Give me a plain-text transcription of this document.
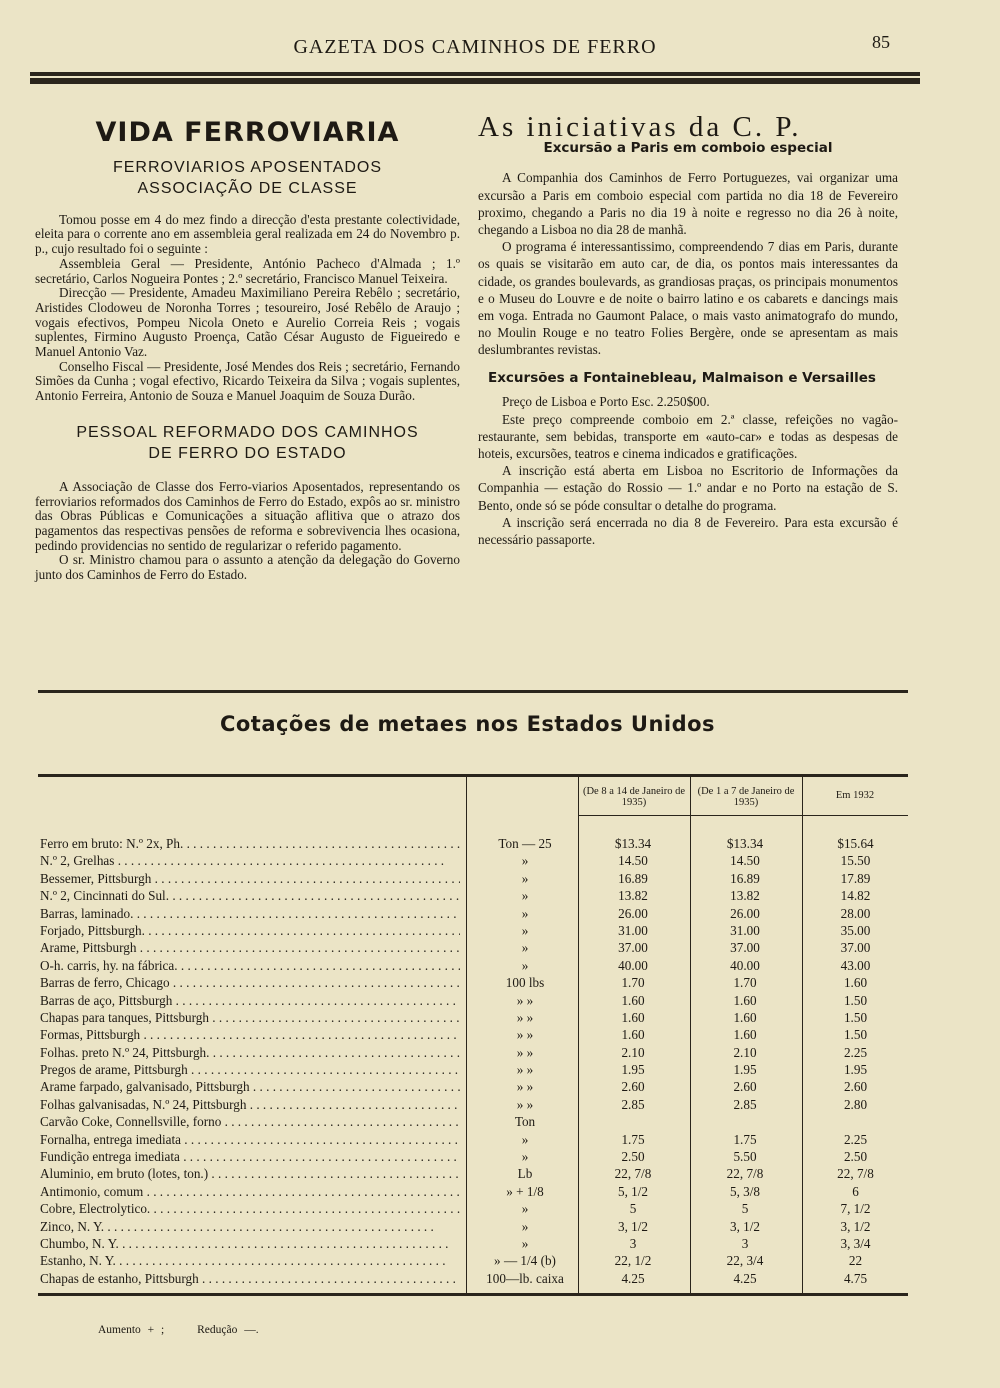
GAZETA DOS CAMINHOS DE FERRO	85
VIDA FERROVIARIA
FERROVIARIOS APOSENTADOS
ASSOCIAÇÃO DE CLASSE

Tomou posse em 4 do mez findo a direcção d'esta prestante colectividade, eleita para o corrente ano em assembleia geral realizada em 24 do Novembro p. p., cujo resultado foi o seguinte :

Assembleia Geral — Presidente, António Pacheco d'Almada ; 1.º secretário, Carlos Nogueira Pontes ; 2.º secretário, Francisco Manuel Teixeira.

Direcção — Presidente, Amadeu Maximiliano Pereira Rebêlo ; secretário, Aristides Clodoweu de Noronha Torres ; tesoureiro, José Rebêlo de Araujo ; vogais efectivos, Pompeu Nicola Oneto e Aurelio Correia Reis ; vogais suplentes, Firmino Augusto Proença, Catão César Augusto de Figueiredo e Manuel Antonio Vaz.

Conselho Fiscal — Presidente, José Mendes dos Reis ; secretário, Fernando Simões da Cunha ; vogal efectivo, Ricardo Teixeira da Silva ; vogais suplentes, Antonio Ferreira, Antonio de Souza e Manuel Joaquim de Souza Durão.

PESSOAL REFORMADO DOS CAMINHOS
DE FERRO DO ESTADO

A Associação de Classe dos Ferro-viarios Aposentados, representando os ferroviarios reformados dos Caminhos de Ferro do Estado, expôs ao sr. ministro das Obras Públicas e Comunicações a situação aflitiva que o atrazo dos pagamentos das respectivas pensões de reforma e sobrevivencia lhes ocasiona, pedindo providencias no sentido de regularizar o referido pagamento.

O sr. Ministro chamou para o assunto a atenção da delegação do Governo junto dos Caminhos de Ferro do Estado.

As iniciativas da C. P.
Excursão a Paris em comboio especial

A Companhia dos Caminhos de Ferro Portuguezes, vai organizar uma excursão a Paris em comboio especial com partida no dia 18 de Fevereiro proximo, chegando a Paris no dia 19 à noite e regresso no dia 26 à noite, chegando a Lisboa no dia 28 de manhã.

O programa é interessantissimo, compreendendo 7 dias em Paris, durante os quais se visitarão em auto car, de dia, os pontos mais interessantes da cidade, os grandes boulevards, as grandiosas praças, os principais monumentos e o Museu do Louvre e de noite o bairro latino e os cabarets e dancings mais em voga. Entrada no Gaumont Palace, o mais vasto animatografo do mundo, no Moulin Rouge e no teatro Folies Bergère, onde se apresentam as mais deslumbrantes revistas.

Excursões a Fontainebleau, Malmaison e Versailles

Preço de Lisboa e Porto Esc. 2.250$00.

Este preço compreende comboio em 2.ª classe, refeições no vagão-restaurante, sem bebidas, transporte em «auto-car» e todas as despesas de hoteis, excursões, teatros e cinema indicados e gratificações.

A inscrição está aberta em Lisboa no Escritorio de Informações da Companhia — estação do Rossio — 1.º andar e no Porto na estação de S. Bento, onde só se póde consultar o detalhe do programa.

A inscrição será encerrada no dia 8 de Fevereiro. Para esta excursão é necessário passaporte.

Cotações de metaes nos Estados Unidos
(De 8 a 14 de Janeiro de 1935)
(De 1 a 7 de Janeiro de 1935)
Em 1932
Ferro em bruto: N.º 2x, Ph. . . .	Ton — 25	$13.34	$13.34	$15.64
N.º 2, Grelhas . . .	»	14.50	14.50	15.50
Bessemer, Pittsburgh . . .	»	16.89	16.89	17.89
N.º 2, Cincinnati do Sul. . . .	»	13.82	13.82	14.82
Barras, laminado. . . .	»	26.00	26.00	28.00
Forjado, Pittsburgh. . . .	»	31.00	31.00	35.00
Arame, Pittsburgh . . .	»	37.00	37.00	37.00
O-h. carris, hy. na fábrica. . . .	»	40.00	40.00	43.00
Barras de ferro, Chicago . . .	100 lbs	1.70	1.70	1.60
Barras de aço, Pittsburgh . . .	» »	1.60	1.60	1.50
Chapas para tanques, Pittsburgh . . .	» »	1.60	1.60	1.50
Formas, Pittsburgh . . .	» »	1.60	1.60	1.50
Folhas. preto N.º 24, Pittsburgh. . . .	» »	2.10	2.10	2.25
Pregos de arame, Pittsburgh . . .	» »	1.95	1.95	1.95
Arame farpado, galvanisado, Pittsburgh . . .	» »	2.60	2.60	2.60
Folhas galvanisadas, N.º 24, Pittsburgh . . .	» »	2.85	2.85	2.80
Carvão Coke, Connellsville, forno . . .	Ton
Fornalha, entrega imediata . . .	»	1.75	1.75	2.25
Fundição entrega imediata . . .	»	2.50	5.50	2.50
Aluminio, em bruto (lotes, ton.) . . .	Lb	22, 7/8	22, 7/8	22, 7/8
Antimonio, comum . . .	» + 1/8	5, 1/2	5, 3/8	6
Cobre, Electrolytico. . . .	»	5	5	7, 1/2
Zinco, N. Y. . . .	»	3, 1/2	3, 1/2	3, 1/2
Chumbo, N. Y. . . .	»	3	3	3, 3/4
Estanho, N. Y. . . .	» — 1/4 (b)	22, 1/2	22, 3/4	22
Chapas de estanho, Pittsburgh . . .	100—lb. caixa	4.25	4.25	4.75
Aumento + ;	Redução —.
